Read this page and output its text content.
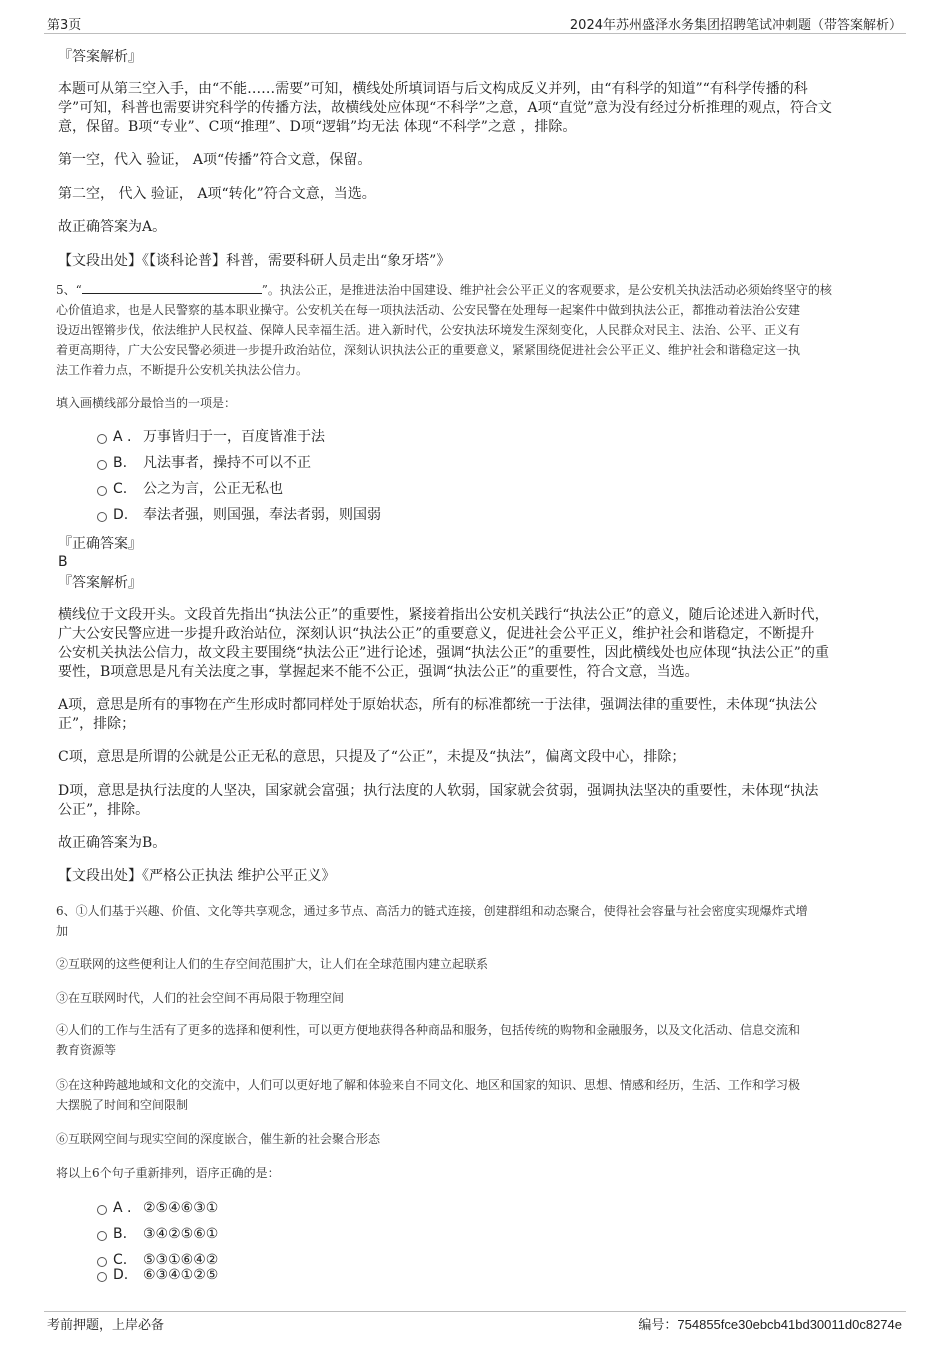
第3页	2024年苏州盛泽水务集团招聘笔试冲刺题（带答案解析）
『答案解析』
本题可从第三空入手，由“不能……需要”可知，横线处所填词语与后文构成反义并列，由“有科学的知道”“有科学传播的科
学”可知，科普也需要讲究科学的传播方法，故横线处应体现“不科学”之意，A项“直觉”意为没有经过分析推理的观点，符合文
意，保留。B项“专业”、C项“推理”、D项“逻辑”均无法 体现“不科学”之意 ，排除。
第一空，代入 验证， A项“传播”符合文意，保留。
第二空， 代入 验证， A项“转化”符合文意，当选。
故正确答案为A。
【文段出处】《【谈科论普】科普，需要科研人员走出“象牙塔”》
5、“	”。执法公正，是推进法治中国建设、维护社会公平正义的客观要求，是公安机关执法活动必须始终坚守的核
心价值追求，也是人民警察的基本职业操守。公安机关在每一项执法活动、公安民警在处理每一起案件中做到执法公正，都推动着法治公安建
设迈出铿锵步伐，依法维护人民权益、保障人民幸福生活。进入新时代，公安执法环境发生深刻变化，人民群众对民主、法治、公平、正义有
着更高期待，广大公安民警必须进一步提升政治站位，深刻认识执法公正的重要意义，紧紧围绕促进社会公平正义、维护社会和谐稳定这一执
法工作着力点，不断提升公安机关执法公信力。
填入画横线部分最恰当的一项是：
A . 万事皆归于一，百度皆准于法
B. 凡法事者，操持不可以不正
C. 公之为言，公正无私也
D. 奉法者强，则国强，奉法者弱，则国弱
『正确答案』
B
『答案解析』
横线位于文段开头。文段首先指出“执法公正”的重要性，紧接着指出公安机关践行“执法公正”的意义，随后论述进入新时代，
广大公安民警应进一步提升政治站位，深刻认识“执法公正”的重要意义，促进社会公平正义，维护社会和谐稳定，不断提升
公安机关执法公信力，故文段主要围绕“执法公正”进行论述，强调“执法公正”的重要性，因此横线处也应体现“执法公正”的重
要性，B项意思是凡有关法度之事，掌握起来不能不公正，强调“执法公正”的重要性，符合文意，当选。
A项，意思是所有的事物在产生形成时都同样处于原始状态，所有的标准都统一于法律，强调法律的重要性，未体现“执法公
正”，排除；
C项，意思是所谓的公就是公正无私的意思，只提及了“公正”，未提及“执法”，偏离文段中心，排除；
D项，意思是执行法度的人坚决，国家就会富强；执行法度的人软弱，国家就会贫弱，强调执法坚决的重要性，未体现“执法
公正”，排除。
故正确答案为B。
【文段出处】《严格公正执法 维护公平正义》
6、①人们基于兴趣、价值、文化等共享观念，通过多节点、高活力的链式连接，创建群组和动态聚合，使得社会容量与社会密度实现爆炸式增
加
②互联网的这些便利让人们的生存空间范围扩大，让人们在全球范围内建立起联系
③在互联网时代，人们的社会空间不再局限于物理空间
④人们的工作与生活有了更多的选择和便利性，可以更方便地获得各种商品和服务，包括传统的购物和金融服务，以及文化活动、信息交流和
教育资源等
⑤在这种跨越地域和文化的交流中，人们可以更好地了解和体验来自不同文化、地区和国家的知识、思想、情感和经历，生活、工作和学习极
大摆脱了时间和空间限制
⑥互联网空间与现实空间的深度嵌合，催生新的社会聚合形态
将以上6个句子重新排列，语序正确的是：
A . ②⑤④⑥③①
B. ③④②⑤⑥①
C. ⑤③①⑥④②
D. ⑥③④①②⑤
考前押题，上岸必备	编号：754855fce30ebcb41bd30011d0c8274e
